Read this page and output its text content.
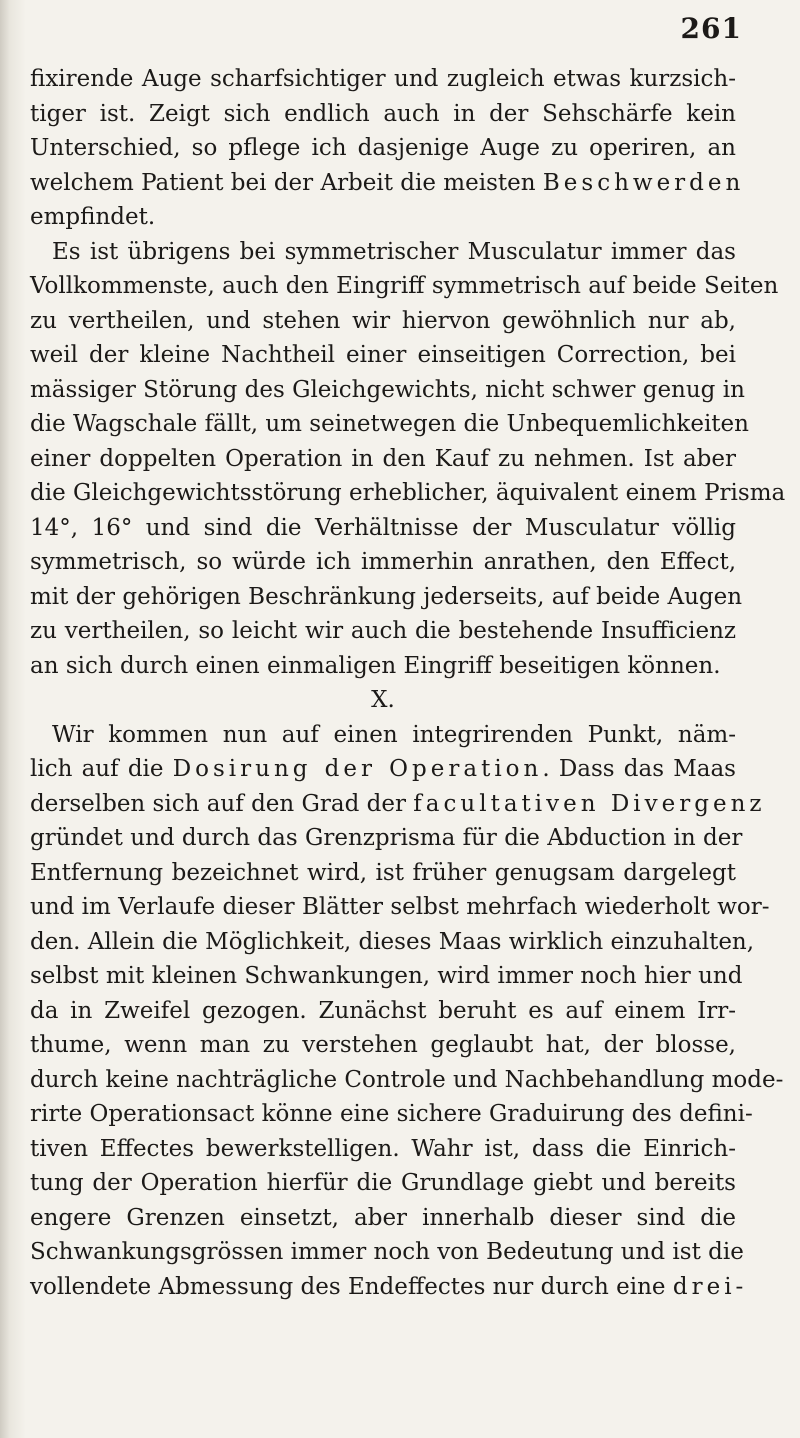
261
fixirende Auge scharfsichtiger und zugleich etwas kurzsich-
tiger ist. Zeigt sich endlich auch in der Sehschärfe kein
Unterschied, so pflege ich dasjenige Auge zu operiren, an
welchem Patient bei der Arbeit die meisten Beschwerden
empfindet.
Es ist übrigens bei symmetrischer Musculatur immer das
Vollkommenste, auch den Eingriff symmetrisch auf beide Seiten
zu vertheilen, und stehen wir hiervon gewöhnlich nur ab,
weil der kleine Nachtheil einer einseitigen Correction, bei
mässiger Störung des Gleichgewichts, nicht schwer genug in
die Wagschale fällt, um seinetwegen die Unbequemlichkeiten
einer doppelten Operation in den Kauf zu nehmen. Ist aber
die Gleichgewichtsstörung erheblicher, äquivalent einem Prisma
14°, 16° und sind die Verhältnisse der Musculatur völlig
symmetrisch, so würde ich immerhin anrathen, den Effect,
mit der gehörigen Beschränkung jederseits, auf beide Augen
zu vertheilen, so leicht wir auch die bestehende Insufficienz
an sich durch einen einmaligen Eingriff beseitigen können.
X.
Wir kommen nun auf einen integrirenden Punkt, näm-
lich auf die Dosirung der Operation. Dass das Maas
derselben sich auf den Grad der facultativen Divergenz
gründet und durch das Grenzprisma für die Abduction in der
Entfernung bezeichnet wird, ist früher genugsam dargelegt
und im Verlaufe dieser Blätter selbst mehrfach wiederholt wor-
den. Allein die Möglichkeit, dieses Maas wirklich einzuhalten,
selbst mit kleinen Schwankungen, wird immer noch hier und
da in Zweifel gezogen. Zunächst beruht es auf einem Irr-
thume, wenn man zu verstehen geglaubt hat, der blosse,
durch keine nachträgliche Controle und Nachbehandlung mode-
rirte Operationsact könne eine sichere Graduirung des defini-
tiven Effectes bewerkstelligen. Wahr ist, dass die Einrich-
tung der Operation hierfür die Grundlage giebt und bereits
engere Grenzen einsetzt, aber innerhalb dieser sind die
Schwankungsgrössen immer noch von Bedeutung und ist die
vollendete Abmessung des Endeffectes nur durch eine drei-
